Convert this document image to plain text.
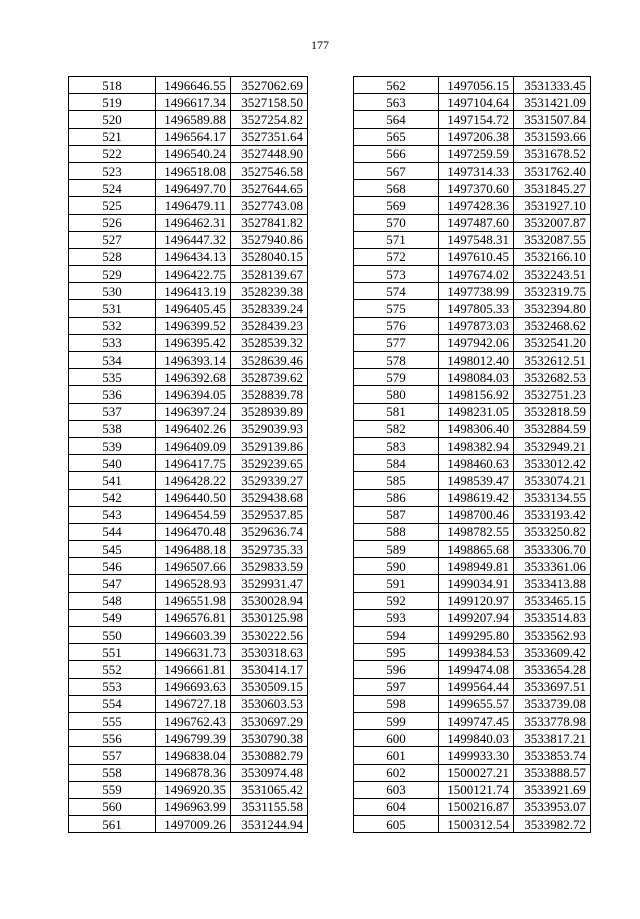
177
518	1496646.55	3527062.69
519	1496617.34	3527158.50
520	1496589.88	3527254.82
521	1496564.17	3527351.64
522	1496540.24	3527448.90
523	1496518.08	3527546.58
524	1496497.70	3527644.65
525	1496479.11	3527743.08
526	1496462.31	3527841.82
527	1496447.32	3527940.86
528	1496434.13	3528040.15
529	1496422.75	3528139.67
530	1496413.19	3528239.38
531	1496405.45	3528339.24
532	1496399.52	3528439.23
533	1496395.42	3528539.32
534	1496393.14	3528639.46
535	1496392.68	3528739.62
536	1496394.05	3528839.78
537	1496397.24	3528939.89
538	1496402.26	3529039.93
539	1496409.09	3529139.86
540	1496417.75	3529239.65
541	1496428.22	3529339.27
542	1496440.50	3529438.68
543	1496454.59	3529537.85
544	1496470.48	3529636.74
545	1496488.18	3529735.33
546	1496507.66	3529833.59
547	1496528.93	3529931.47
548	1496551.98	3530028.94
549	1496576.81	3530125.98
550	1496603.39	3530222.56
551	1496631.73	3530318.63
552	1496661.81	3530414.17
553	1496693.63	3530509.15
554	1496727.18	3530603.53
555	1496762.43	3530697.29
556	1496799.39	3530790.38
557	1496838.04	3530882.79
558	1496878.36	3530974.48
559	1496920.35	3531065.42
560	1496963.99	3531155.58
561	1497009.26	3531244.94
562	1497056.15	3531333.45
563	1497104.64	3531421.09
564	1497154.72	3531507.84
565	1497206.38	3531593.66
566	1497259.59	3531678.52
567	1497314.33	3531762.40
568	1497370.60	3531845.27
569	1497428.36	3531927.10
570	1497487.60	3532007.87
571	1497548.31	3532087.55
572	1497610.45	3532166.10
573	1497674.02	3532243.51
574	1497738.99	3532319.75
575	1497805.33	3532394.80
576	1497873.03	3532468.62
577	1497942.06	3532541.20
578	1498012.40	3532612.51
579	1498084.03	3532682.53
580	1498156.92	3532751.23
581	1498231.05	3532818.59
582	1498306.40	3532884.59
583	1498382.94	3532949.21
584	1498460.63	3533012.42
585	1498539.47	3533074.21
586	1498619.42	3533134.55
587	1498700.46	3533193.42
588	1498782.55	3533250.82
589	1498865.68	3533306.70
590	1498949.81	3533361.06
591	1499034.91	3533413.88
592	1499120.97	3533465.15
593	1499207.94	3533514.83
594	1499295.80	3533562.93
595	1499384.53	3533609.42
596	1499474.08	3533654.28
597	1499564.44	3533697.51
598	1499655.57	3533739.08
599	1499747.45	3533778.98
600	1499840.03	3533817.21
601	1499933.30	3533853.74
602	1500027.21	3533888.57
603	1500121.74	3533921.69
604	1500216.87	3533953.07
605	1500312.54	3533982.72
